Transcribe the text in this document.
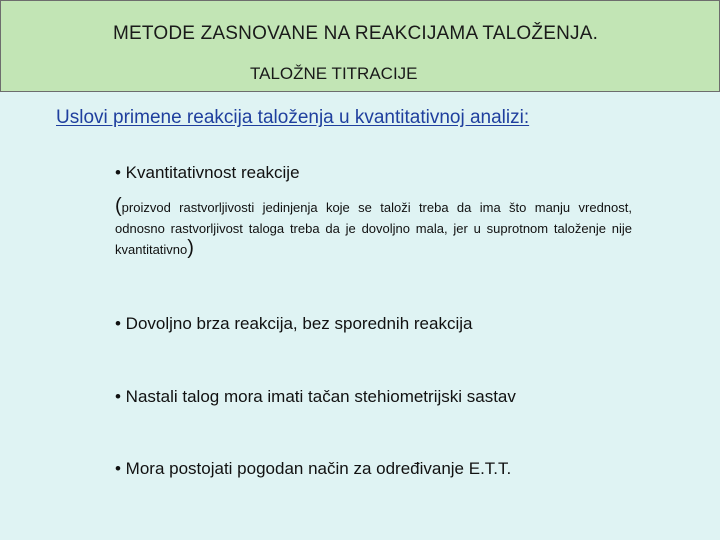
METODE ZASNOVANE NA REAKCIJAMA TALOŽENJA.
TALOŽNE TITRACIJE
Uslovi primene reakcija taloženja u kvantitativnoj analizi:
• Kvantitativnost reakcije
(proizvod rastvorljivosti jedinjenja koje se taloži treba da ima što manju vrednost, odnosno rastvorljivost taloga treba da je dovoljno mala, jer u suprotnom taloženje nije kvantitativno)
• Dovoljno brza reakcija, bez sporednih reakcija
• Nastali talog mora imati tačan stehiometrijski sastav
• Mora postojati pogodan način za određivanje E.T.T.
